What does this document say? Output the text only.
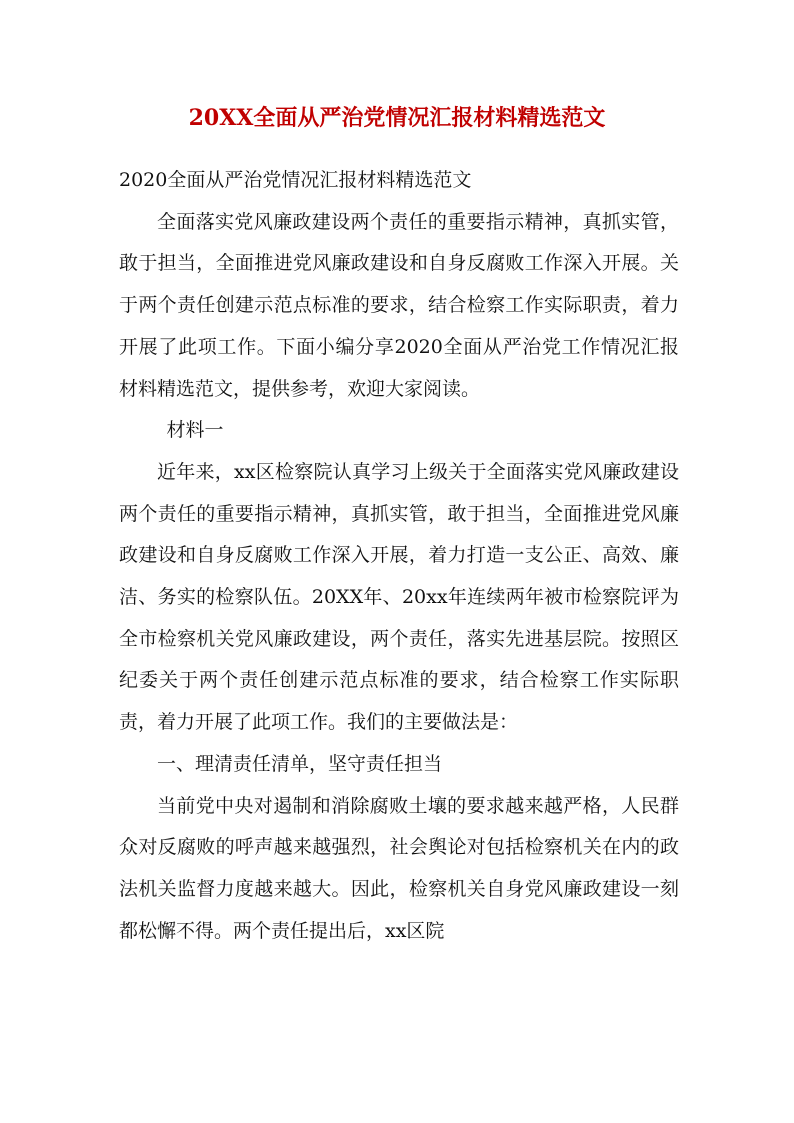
20XX全面从严治党情况汇报材料精选范文

2020全面从严治党情况汇报材料精选范文

全面落实党风廉政建设两个责任的重要指示精神，真抓实管，敢于担当，全面推进党风廉政建设和自身反腐败工作深入开展。关于两个责任创建示范点标准的要求，结合检察工作实际职责，着力开展了此项工作。下面小编分享2020全面从严治党工作情况汇报材料精选范文，提供参考，欢迎大家阅读。

材料一

近年来，xx区检察院认真学习上级关于全面落实党风廉政建设两个责任的重要指示精神，真抓实管，敢于担当，全面推进党风廉政建设和自身反腐败工作深入开展，着力打造一支公正、高效、廉洁、务实的检察队伍。20XX年、20xx年连续两年被市检察院评为全市检察机关党风廉政建设，两个责任，落实先进基层院。按照区纪委关于两个责任创建示范点标准的要求，结合检察工作实际职责，着力开展了此项工作。我们的主要做法是：

一、理清责任清单，坚守责任担当

当前党中央对遏制和消除腐败土壤的要求越来越严格，人民群众对反腐败的呼声越来越强烈，社会舆论对包括检察机关在内的政法机关监督力度越来越大。因此，检察机关自身党风廉政建设一刻都松懈不得。两个责任提出后，xx区院
